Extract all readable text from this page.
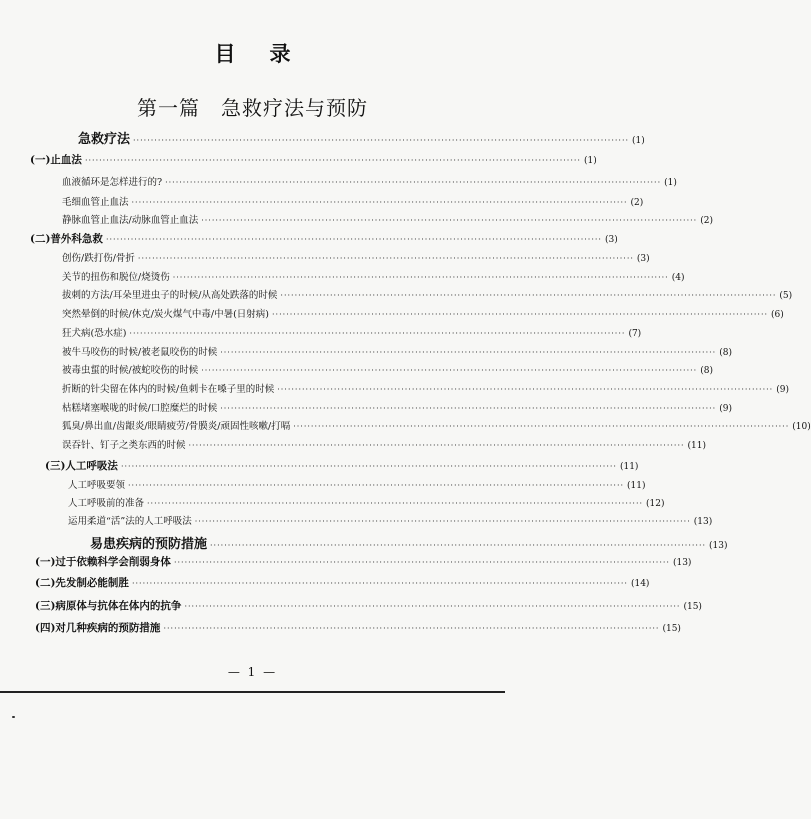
目录
第一篇　急救疗法与预防
急救疗法 ············································································································································ (1)
(一)止血法 ············································································································································ (1)
血液循环是怎样进行的? ············································································································································ (1)
毛细血管止血法 ············································································································································ (2)
静脉血管止血法/动脉血管止血法 ············································································································································ (2)
(二)普外科急救 ············································································································································ (3)
创伤/跌打伤/骨折 ············································································································································ (3)
关节的扭伤和脱位/烧烫伤 ············································································································································ (4)
拔刺的方法/耳朵里进虫子的时候/从高处跌落的时候 ············································································································································ (5)
突然晕倒的时候/休克/炭火煤气中毒/中暑(日射病) ············································································································································ (6)
狂犬病(恐水症) ············································································································································ (7)
被牛马咬伤的时候/被老鼠咬伤的时候 ············································································································································ (8)
被毒虫蜇的时候/被蛇咬伤的时候 ············································································································································ (8)
折断的针尖留在体内的时候/鱼刺卡在嗓子里的时候 ············································································································································ (9)
枯糕堵塞喉咙的时候/口腔糜烂的时候 ············································································································································ (9)
狐臭/鼻出血/齿龈炎/眼睛疲劳/骨膜炎/顽固性咳嗽/打嗝 ············································································································································ (10)
误吞针、钉子之类东西的时候 ············································································································································ (11)
(三)人工呼吸法 ············································································································································ (11)
人工呼吸要领 ············································································································································ (11)
人工呼吸前的准备 ············································································································································ (12)
运用柔道“活”法的人工呼吸法 ············································································································································ (13)
易患疾病的预防措施 ············································································································································ (13)
(一)过于依赖科学会削弱身体 ············································································································································ (13)
(二)先发制必能制胜 ············································································································································ (14)
(三)病原体与抗体在体内的抗争 ············································································································································ (15)
(四)对几种疾病的预防措施 ············································································································································ (15)
— 1 —
